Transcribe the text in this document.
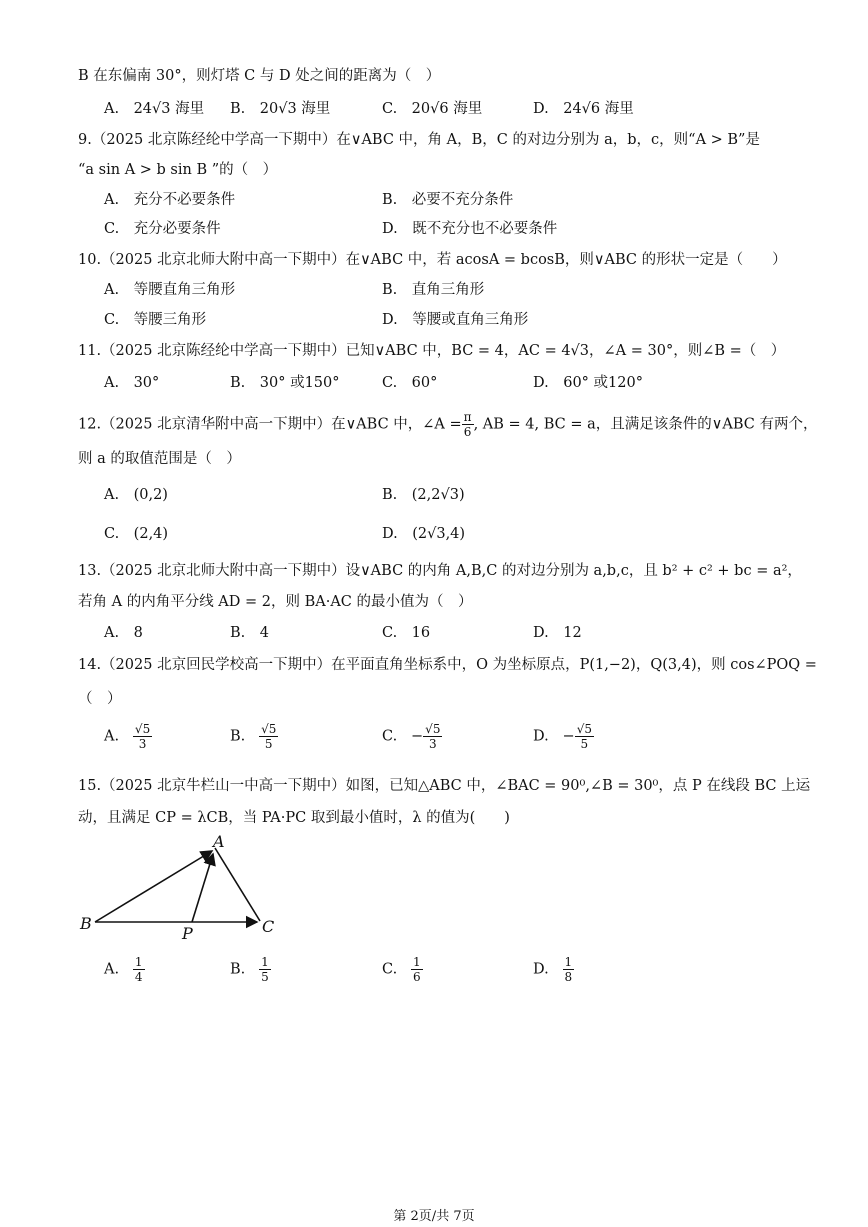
B 在东偏南 30°，则灯塔 C 与 D 处之间的距离为（　）
A.　24√3 海里 B.　20√3 海里	C.　20√6 海里	D.　24√6 海里
9.（2025 北京陈经纶中学高一下期中）在∨ABC 中，角 A，B，C 的对边分别为 a，b，c，则“A > B”是
“a sin A > b sin B ”的（　）
A.　充分不必要条件	B.　必要不充分条件
C.　充分必要条件	D.　既不充分也不必要条件
10.（2025 北京北师大附中高一下期中）在∨ABC 中，若 acosA = bcosB，则∨ABC 的形状一定是（　　）
A.　等腰直角三角形	B.　直角三角形
C.　等腰三角形	D.　等腰或直角三角形
11.（2025 北京陈经纶中学高一下期中）已知∨ABC 中，BC = 4，AC = 4√3，∠A = 30°，则∠B =（　）
A.　30°	B.　30° 或150°	C.　60°	D.　60° 或120°
12.（2025 北京清华附中高一下期中）在∨ABC 中，∠A = $\frac{\pi}{6}$ , AB = 4, BC = a，且满足该条件的∨ABC 有两个，
则 a 的取值范围是（　）
A.　(0,2)	B.　(2,2√3)
C.　(2,4)	D.　(2√3,4)
13.（2025 北京北师大附中高一下期中）设∨ABC 的内角 A,B,C 的对边分别为 a,b,c，且 b² + c² + bc = a²，
若角 A 的内角平分线 AD = 2，则 BA·AC 的最小值为（　）
A.　8	B.　4	C.　16	D.　12
14.（2025 北京回民学校高一下期中）在平面直角坐标系中，O 为坐标原点，P(1,−2)，Q(3,4)，则 cos∠POQ =
（　）
A. $\frac{√5}{3}$	B. $\frac{√5}{5}$	C. − $\frac{√5}{3}$	D. − $\frac{√5}{5}$
15.（2025 北京牛栏山一中高一下期中）如图，已知△ABC 中，∠BAC = 90⁰,∠B = 30⁰，点 P 在线段 BC 上运
动，且满足 CP = λCB，当 PA·PC 取到最小值时，λ 的值为(　　)
A
B	C
P
A. $\frac{1}{4}$	B. $\frac{1}{5}$	C. $\frac{1}{6}$	D. $\frac{1}{8}$
第 2页/共 7页
